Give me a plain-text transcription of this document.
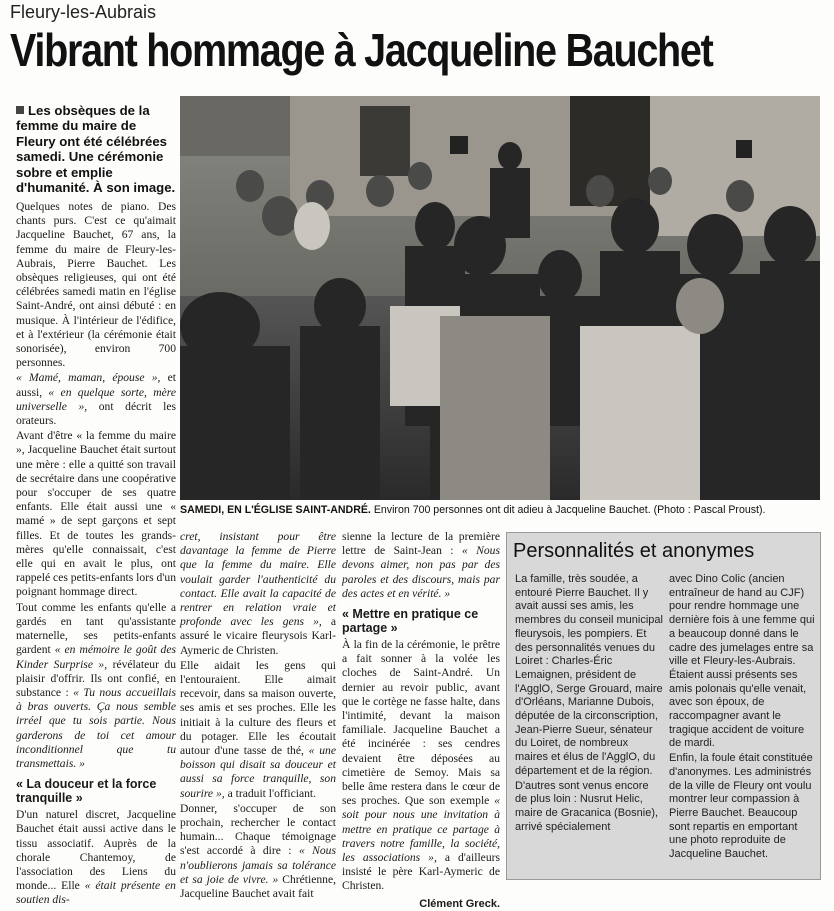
Fleury-les-Aubrais
Vibrant hommage à Jacqueline Bauchet
Les obsèques de la femme du maire de Fleury ont été célébrées samedi. Une cérémonie sobre et emplie d'humanité. À son image.

Quelques notes de piano. Des chants purs. C'est ce qu'aimait Jacqueline Bauchet, 67 ans, la femme du maire de Fleury-les-Aubrais, Pierre Bauchet. Les obsèques religieuses, qui ont été célébrées samedi matin en l'église Saint-André, ont ainsi débuté : en musique. À l'intérieur de l'édifice, et à l'extérieur (la cérémonie était sonorisée), environ 700 personnes.

« Mamé, maman, épouse », et aussi, « en quelque sorte, mère universelle », ont décrit les orateurs.

Avant d'être « la femme du maire », Jacqueline Bauchet était surtout une mère : elle a quitté son travail de secrétaire dans une coopérative pour s'occuper de ses quatre enfants. Elle était aussi une « mamé » de sept garçons et sept filles. Et de toutes les grands-mères qu'elle connaissait, c'est elle qui en avait le plus, ont rappelé ces petits-enfants lors d'un poignant hommage direct.

Tout comme les enfants qu'elle a gardés en tant qu'assistante maternelle, ses petits-enfants gardent « en mémoire le goût des Kinder Surprise », révélateur du plaisir d'offrir. Ils ont confié, en substance : « Tu nous accueillais à bras ouverts. Ça nous semble irréel que tu sois partie. Nous garderons de toi cet amour inconditionnel que tu transmettais. »

« La douceur et la force tranquille »

D'un naturel discret, Jacqueline Bauchet était aussi active dans le tissu associatif. Auprès de la chorale Chantemoy, de l'association des Liens du monde... Elle « était présente en soutien dis-

SAMEDI, EN L'ÉGLISE SAINT-ANDRÉ. Environ 700 personnes ont dit adieu à Jacqueline Bauchet. (Photo : Pascal Proust).

cret, insistant pour être davantage la femme de Pierre que la femme du maire. Elle voulait garder l'authenticité du contact. Elle avait la capacité de rentrer en relation vraie et profonde avec les gens », a assuré le vicaire fleurysois Karl-Aymeric de Christen.

Elle aidait les gens qui l'entouraient. Elle aimait recevoir, dans sa maison ouverte, ses amis et ses proches. Elle les initiait à la culture des fleurs et du potager. Elle les écoutait autour d'une tasse de thé, « une boisson qui disait sa douceur et aussi sa force tranquille, son sourire », a traduit l'officiant.

Donner, s'occuper de son prochain, rechercher le contact humain... Chaque témoignage s'est accordé à dire : « Nous n'oublierons jamais sa tolérance et sa joie de vivre. » Chrétienne, Jacqueline Bauchet avait fait

sienne la lecture de la première lettre de Saint-Jean : « Nous devons aimer, non pas par des paroles et des discours, mais par des actes et en vérité. »

« Mettre en pratique ce partage »

À la fin de la cérémonie, le prêtre a fait sonner à la volée les cloches de Saint-André. Un dernier au revoir public, avant que le cortège ne fasse halte, dans l'intimité, devant la maison familiale. Jacqueline Bauchet a été incinérée : ses cendres devaient être déposées au cimetière de Semoy. Mais sa belle âme restera dans le cœur de ses proches. Que son exemple « soit pour nous une invitation à mettre en pratique ce partage à travers notre famille, la société, les associations », a d'ailleurs insisté le père Karl-Aymeric de Christen.

Clément Greck.
Personnalités et anonymes

La famille, très soudée, a entouré Pierre Bauchet. Il y avait aussi ses amis, les membres du conseil municipal fleurysois, les pompiers. Et des personnalités venues du Loiret : Charles-Éric Lemaignen, président de l'AgglO, Serge Grouard, maire d'Orléans, Marianne Dubois, députée de la circonscription, Jean-Pierre Sueur, sénateur du Loiret, de nombreux maires et élus de l'AgglO, du département et de la région.

D'autres sont venus encore de plus loin : Nusrut Helic, maire de Gracanica (Bosnie), arrivé spécialement

avec Dino Colic (ancien entraîneur de hand au CJF) pour rendre hommage une dernière fois à une femme qui a beaucoup donné dans le cadre des jumelages entre sa ville et Fleury-les-Aubrais. Étaient aussi présents ses amis polonais qu'elle venait, avec son époux, de raccompagner avant le tragique accident de voiture de mardi.

Enfin, la foule était constituée d'anonymes. Les administrés de la ville de Fleury ont voulu montrer leur compassion à Pierre Bauchet. Beaucoup sont repartis en emportant une photo reproduite de Jacqueline Bauchet.
